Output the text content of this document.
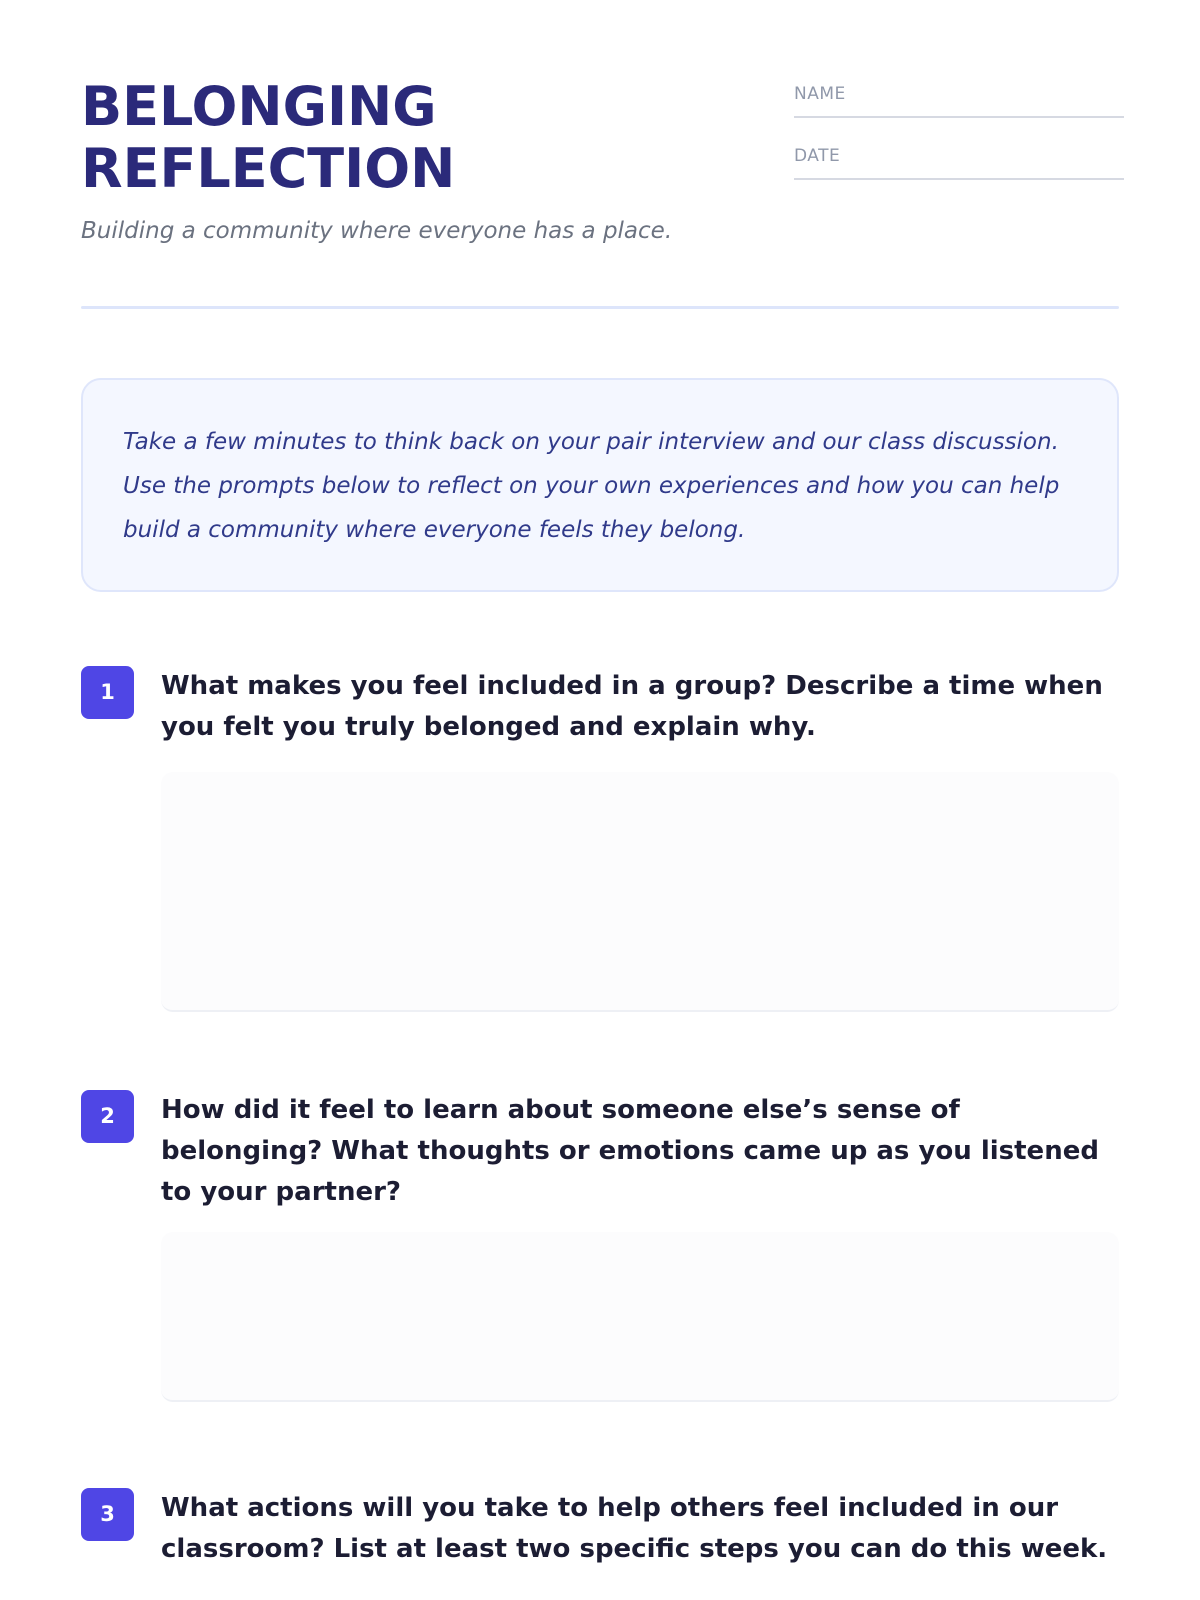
BELONGING
REFLECTION
Building a community where everyone has a place.
NAME
DATE

Take a few minutes to think back on your pair interview and our class discussion. Use the prompts below to reflect on your own experiences and how you can help build a community where everyone feels they belong.

1	What makes you feel included in a group? Describe a time when you felt you truly belonged and explain why.
2	How did it feel to learn about someone else’s sense of belonging? What thoughts or emotions came up as you listened to your partner?
3	What actions will you take to help others feel included in our classroom? List at least two specific steps you can do this week.
